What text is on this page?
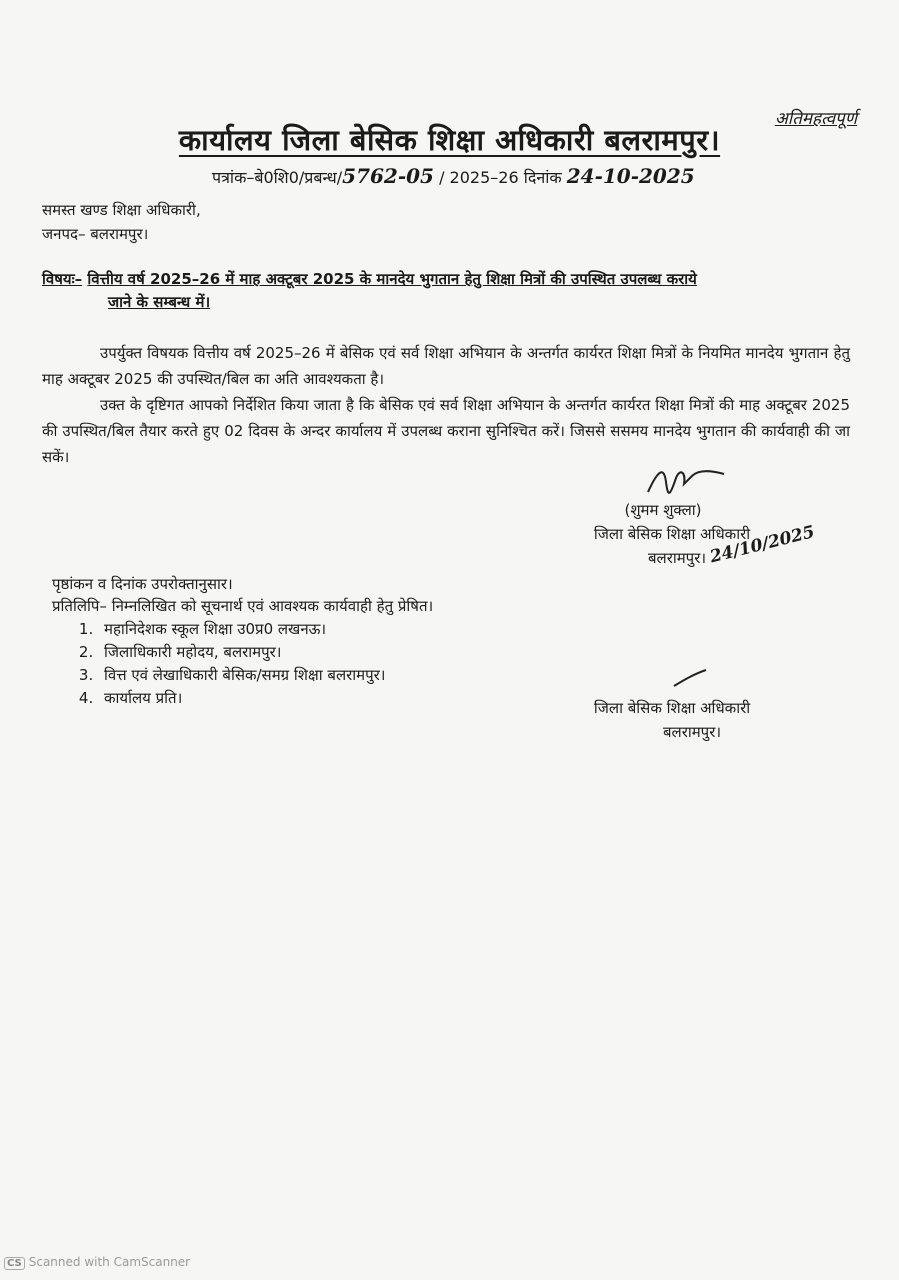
अतिमहत्वपूर्ण
कार्यालय जिला बेसिक शिक्षा अधिकारी बलरामपुर।
पत्रांक–बे0शि0/प्रबन्ध/5762-05 / 2025–26 दिनांक 24-10-2025
समस्त खण्ड शिक्षा अधिकारी,
जनपद– बलरामपुर।
विषयः– वित्तीय वर्ष 2025–26 में माह अक्टूबर 2025 के मानदेय भुगतान हेतु शिक्षा मित्रों की उपस्थित उपलब्ध कराये
जाने के सम्बन्ध में।

उपर्युक्त विषयक वित्तीय वर्ष 2025–26 में बेसिक एवं सर्व शिक्षा अभियान के अन्तर्गत कार्यरत शिक्षा मित्रों के नियमित मानदेय भुगतान हेतु माह अक्टूबर 2025 की उपस्थित/बिल का अति आवश्यकता है।

उक्त के दृष्टिगत आपको निर्देशित किया जाता है कि बेसिक एवं सर्व शिक्षा अभियान के अन्तर्गत कार्यरत शिक्षा मित्रों की माह अक्टूबर 2025 की उपस्थित/बिल तैयार करते हुए 02 दिवस के अन्दर कार्यालय में उपलब्ध कराना सुनिश्चित करें। जिससे ससमय मानदेय भुगतान की कार्यवाही की जा सकें।

(शुमम शुक्ला)
जिला बेसिक शिक्षा अधिकारी
बलरामपुर। 24/10/2025
पृष्ठांकन व दिनांक उपरोक्तानुसार।
प्रतिलिपि– निम्नलिखित को सूचनार्थ एवं आवश्यक कार्यवाही हेतु प्रेषित।
1. महानिदेशक स्कूल शिक्षा उ0प्र0 लखनऊ।
2. जिलाधिकारी महोदय, बलरामपुर।
3. वित्त एवं लेखाधिकारी बेसिक/समग्र शिक्षा बलरामपुर।
4. कार्यालय प्रति।
जिला बेसिक शिक्षा अधिकारी
बलरामपुर।
CS Scanned with CamScanner
